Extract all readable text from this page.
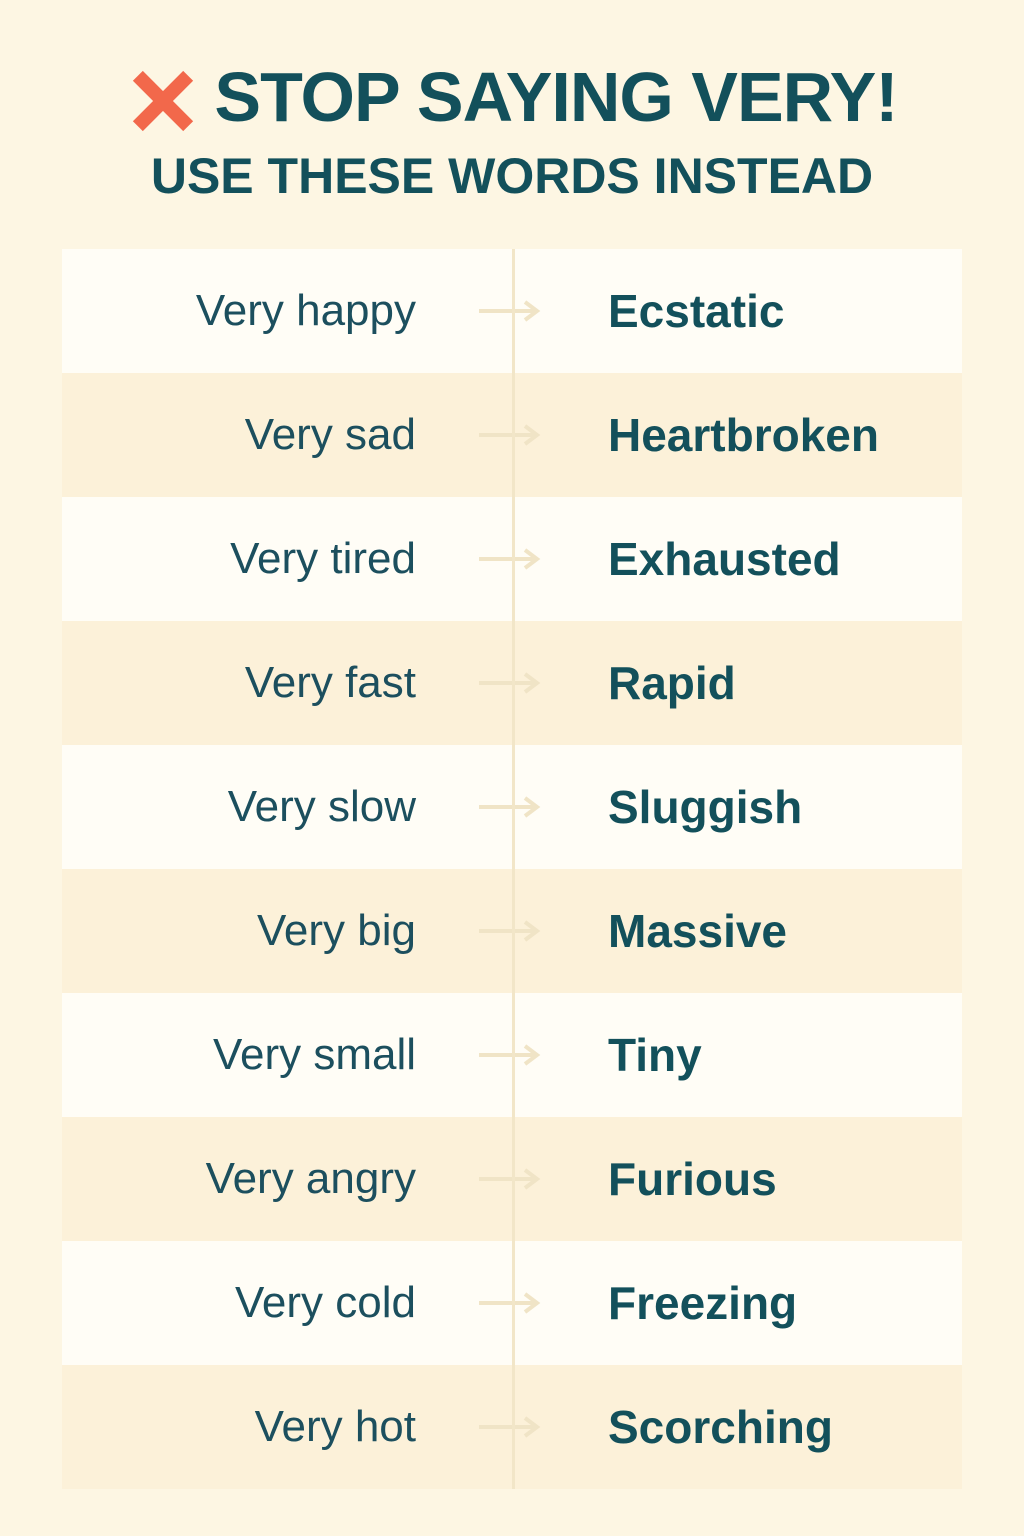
STOP SAYING VERY!
USE THESE WORDS INSTEAD
Very happy	Ecstatic
Very sad	Heartbroken
Very tired	Exhausted
Very fast	Rapid
Very slow	Sluggish
Very big	Massive
Very small	Tiny
Very angry	Furious
Very cold	Freezing
Very hot	Scorching
